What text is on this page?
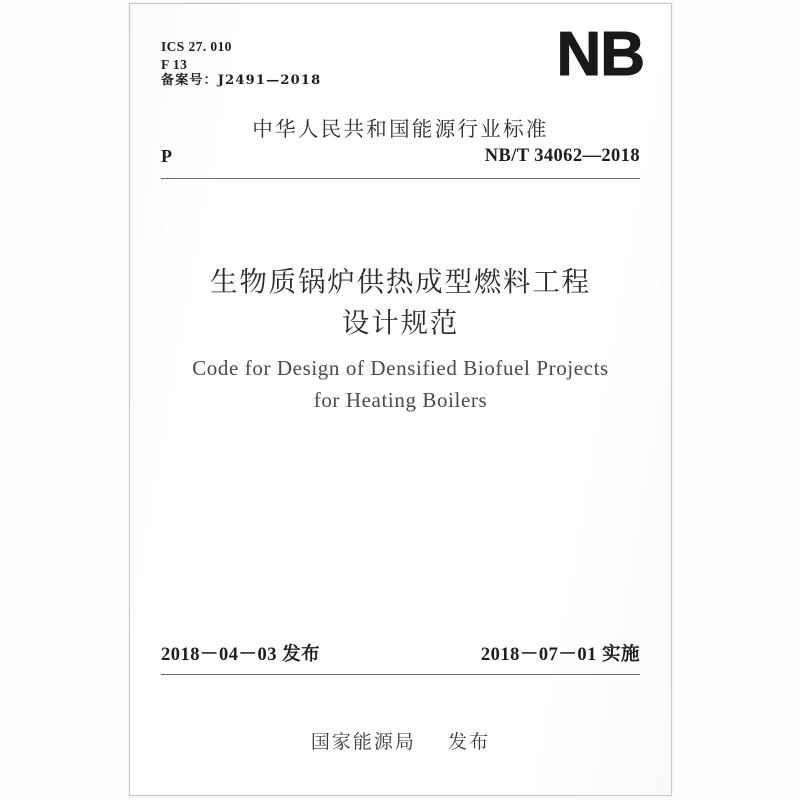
ICS 27. 010
F 13
备案号：J2491—2018	NB
中华人民共和国能源行业标准
P	NB/T 34062—2018
生物质锅炉供热成型燃料工程
设计规范
Code for Design of Densified Biofuel Projects
for Heating Boilers
2018－04－03 发布	2018－07－01 实施
国家能源局    发布
